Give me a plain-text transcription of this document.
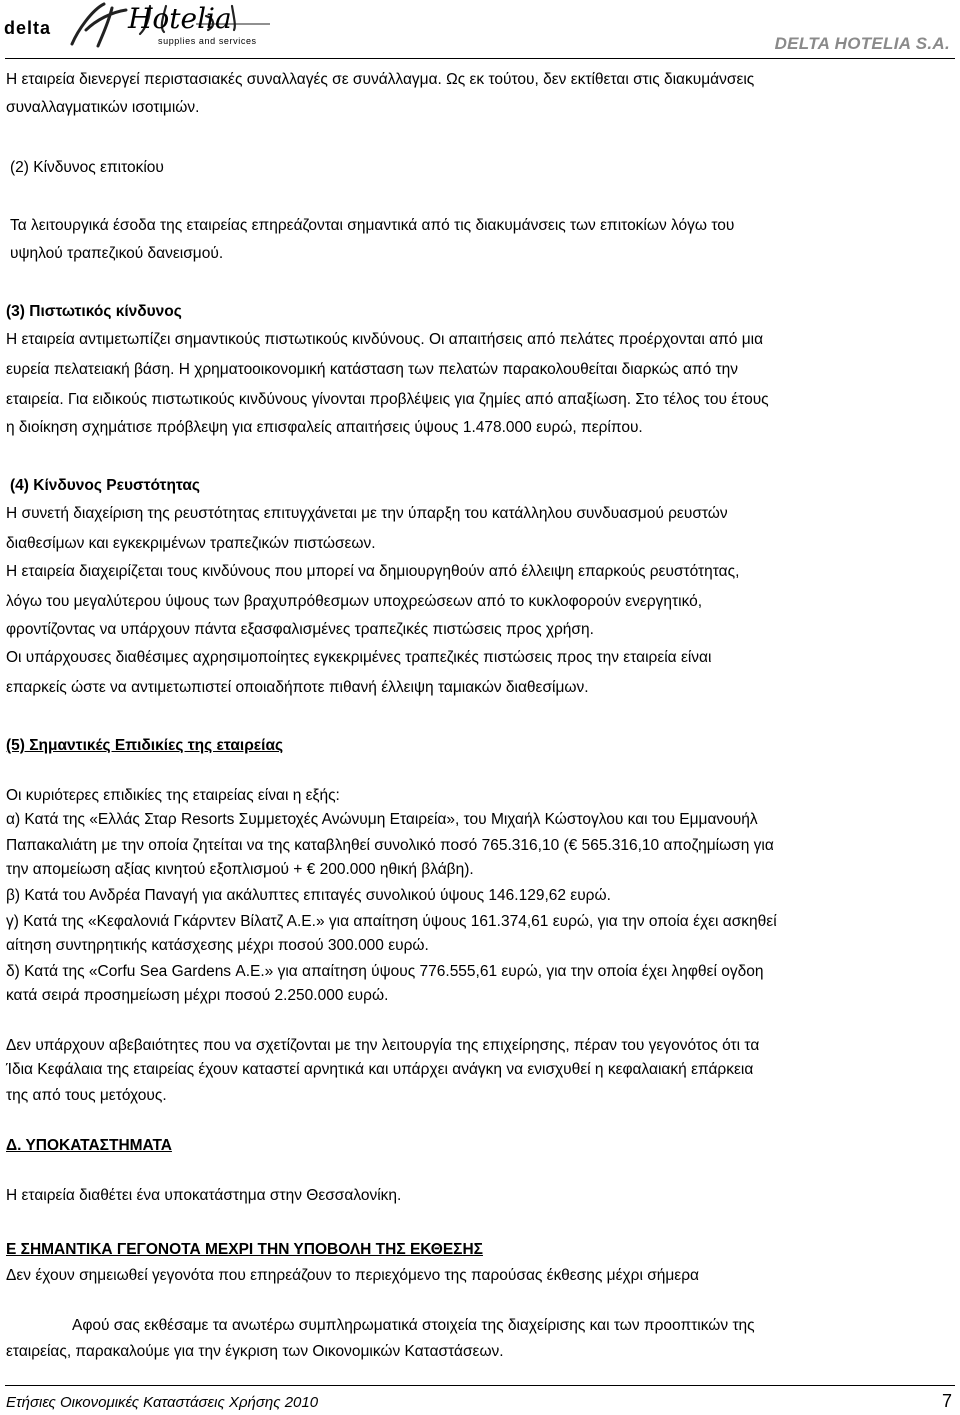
delta	Hotelia
supplies and services	DELTA HOTELIA S.A.
Η εταιρεία διενεργεί περιστασιακές συναλλαγές σε συνάλλαγμα. Ως εκ τούτου, δεν εκτίθεται στις διακυμάνσεις
συναλλαγματικών ισοτιμιών.
(2) Κίνδυνος επιτοκίου
Τα λειτουργικά έσοδα της εταιρείας επηρεάζονται σημαντικά από τις διακυμάνσεις των επιτοκίων λόγω του
υψηλού τραπεζικού δανεισμού.
(3) Πιστωτικός κίνδυνος
Η εταιρεία αντιμετωπίζει σημαντικούς πιστωτικούς κινδύνους. Οι απαιτήσεις από πελάτες προέρχονται από μια
ευρεία πελατειακή βάση. Η χρηματοοικονομική κατάσταση των πελατών παρακολουθείται διαρκώς από την
εταιρεία. Για ειδικούς πιστωτικούς κινδύνους γίνονται προβλέψεις για ζημίες από απαξίωση. Στο τέλος του έτους
η διοίκηση σχημάτισε πρόβλεψη για επισφαλείς απαιτήσεις ύψους 1.478.000 ευρώ, περίπου.
(4) Κίνδυνος Ρευστότητας
Η συνετή διαχείριση της ρευστότητας επιτυγχάνεται με την ύπαρξη του κατάλληλου συνδυασμού ρευστών
διαθεσίμων και εγκεκριμένων τραπεζικών πιστώσεων.
Η εταιρεία διαχειρίζεται τους κινδύνους που μπορεί να δημιουργηθούν από έλλειψη επαρκούς ρευστότητας,
λόγω του μεγαλύτερου ύψους των βραχυπρόθεσμων υποχρεώσεων από το κυκλοφορούν ενεργητικό,
φροντίζοντας να υπάρχουν πάντα εξασφαλισμένες τραπεζικές πιστώσεις προς χρήση.
Οι υπάρχουσες διαθέσιμες αχρησιμοποίητες εγκεκριμένες τραπεζικές πιστώσεις προς την εταιρεία είναι
επαρκείς ώστε να αντιμετωπιστεί οποιαδήποτε πιθανή έλλειψη ταμιακών διαθεσίμων.
(5) Σημαντικές Επιδικίες της εταιρείας
Οι κυριότερες επιδικίες της εταιρείας είναι η εξής:
α) Κατά της «Ελλάς Σταρ Resorts Συμμετοχές Ανώνυμη Εταιρεία», του Μιχαήλ Κώστογλου και του Εμμανουήλ
Παπακαλιάτη με την οποία ζητείται να της καταβληθεί συνολικό ποσό 765.316,10 (€ 565.316,10 αποζημίωση για
την απομείωση αξίας κινητού εξοπλισμού + € 200.000 ηθική βλάβη).
β) Κατά του Ανδρέα Παναγή για ακάλυπτες επιταγές συνολικού ύψους 146.129,62 ευρώ.
γ) Κατά της «Κεφαλονιά Γκάρντεν Βίλατζ Α.Ε.» για απαίτηση ύψους 161.374,61 ευρώ, για την οποία έχει ασκηθεί
αίτηση συντηρητικής κατάσχεσης μέχρι ποσού 300.000 ευρώ.
δ) Κατά της «Corfu Sea Gardens Α.Ε.» για απαίτηση ύψους 776.555,61 ευρώ, για την οποία έχει ληφθεί ογδοη
κατά σειρά προσημείωση μέχρι ποσού 2.250.000 ευρώ.
Δεν υπάρχουν αβεβαιότητες που να σχετίζονται με την λειτουργία της επιχείρησης, πέραν του γεγονότος ότι τα
Ίδια Κεφάλαια της εταιρείας έχουν καταστεί αρνητικά και υπάρχει ανάγκη να ενισχυθεί η κεφαλαιακή επάρκεια
της από τους μετόχους.
Δ. ΥΠΟΚΑΤΑΣΤΗΜΑΤΑ
Η εταιρεία διαθέτει ένα υποκατάστημα στην Θεσσαλονίκη.
Ε ΣΗΜΑΝΤΙΚΑ ΓΕΓΟΝΟΤΑ ΜΕΧΡΙ ΤΗΝ ΥΠΟΒΟΛΗ ΤΗΣ ΕΚΘΕΣΗΣ
Δεν έχουν σημειωθεί γεγονότα που επηρεάζουν το περιεχόμενο της παρούσας έκθεσης μέχρι σήμερα
Αφού σας εκθέσαμε τα ανωτέρω συμπληρωματικά στοιχεία της διαχείρισης και των προοπτικών της
εταιρείας, παρακαλούμε για την έγκριση των Οικονομικών Καταστάσεων.
Ετήσιες Οικονομικές Καταστάσεις Χρήσης 2010	7
